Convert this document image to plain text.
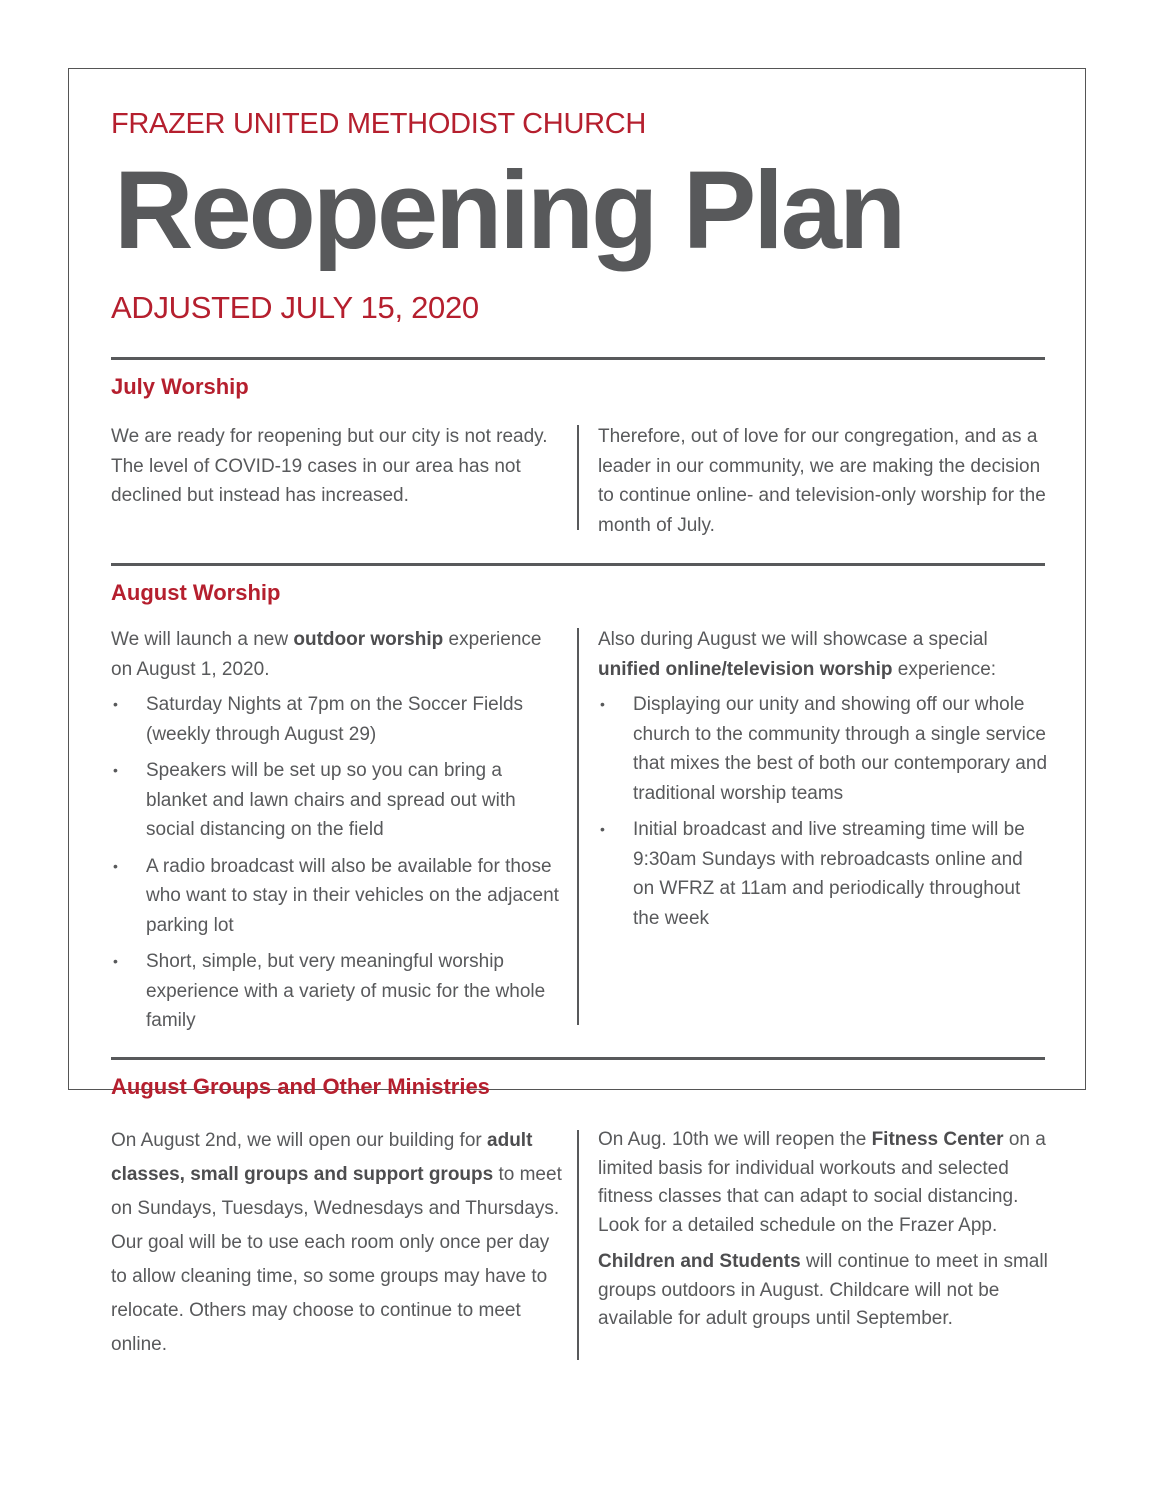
FRAZER UNITED METHODIST CHURCH
Reopening Plan
ADJUSTED JULY 15, 2020
July Worship

We are ready for reopening but our city is not ready. The level of COVID-19 cases in our area has not declined but instead has increased.

Therefore, out of love for our congregation, and as a leader in our community, we are making the decision to continue online- and television-only worship for the month of July.

August Worship

We will launch a new outdoor worship experience on August 1, 2020.

• Saturday Nights at 7pm on the Soccer Fields (weekly through August 29)
• Speakers will be set up so you can bring a blanket and lawn chairs and spread out with social distancing on the field
• A radio broadcast will also be available for those who want to stay in their vehicles on the adjacent parking lot
• Short, simple, but very meaningful worship experience with a variety of music for the whole family

Also during August we will showcase a special unified online/television worship experience:

• Displaying our unity and showing off our whole church to the community through a single service that mixes the best of both our contemporary and traditional worship teams
• Initial broadcast and live streaming time will be 9:30am Sundays with rebroadcasts online and on WFRZ at 11am and periodically throughout the week
August Groups and Other Ministries

On August 2nd, we will open our building for adult classes, small groups and support groups to meet on Sundays, Tuesdays, Wednesdays and Thursdays. Our goal will be to use each room only once per day to allow cleaning time, so some groups may have to relocate. Others may choose to continue to meet online.

On Aug. 10th we will reopen the Fitness Center on a limited basis for individual workouts and selected fitness classes that can adapt to social distancing. Look for a detailed schedule on the Frazer App.

Children and Students will continue to meet in small groups outdoors in August. Childcare will not be available for adult groups until September.
